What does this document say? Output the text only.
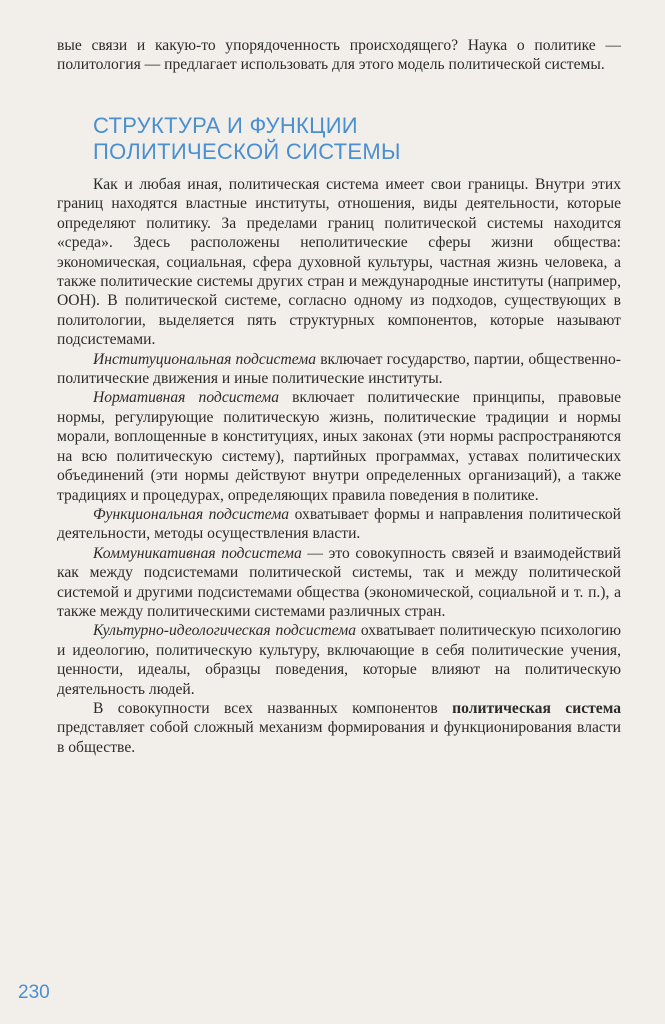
вые связи и какую-то упорядоченность происходящего? Наука о политике — политология — предлагает использовать для этого модель политической системы.

СТРУКТУРА И ФУНКЦИИ
ПОЛИТИЧЕСКОЙ СИСТЕМЫ

Как и любая иная, политическая система имеет свои границы. Внутри этих границ находятся властные институты, отношения, виды деятельности, которые определяют политику. За пределами границ политической системы находится «среда». Здесь расположены неполитические сферы жизни общества: экономическая, социальная, сфера духовной культуры, частная жизнь человека, а также политические системы других стран и международные институты (например, ООН). В политической системе, согласно одному из подходов, существующих в политологии, выделяется пять структурных компонентов, которые называют подсистемами.

Институциональная подсистема включает государство, партии, общественно-политические движения и иные политические институты.

Нормативная подсистема включает политические принципы, правовые нормы, регулирующие политическую жизнь, политические традиции и нормы морали, воплощенные в конституциях, иных законах (эти нормы распространяются на всю политическую систему), партийных программах, уставах политических объединений (эти нормы действуют внутри определенных организаций), а также традициях и процедурах, определяющих правила поведения в политике.

Функциональная подсистема охватывает формы и направления политической деятельности, методы осуществления власти.

Коммуникативная подсистема — это совокупность связей и взаимодействий как между подсистемами политической системы, так и между политической системой и другими подсистемами общества (экономической, социальной и т. п.), а также между политическими системами различных стран.

Культурно-идеологическая подсистема охватывает политическую психологию и идеологию, политическую культуру, включающие в себя политические учения, ценности, идеалы, образцы поведения, которые влияют на политическую деятельность людей.

В совокупности всех названных компонентов политическая система представляет собой сложный механизм формирования и функционирования власти в обществе.

230
